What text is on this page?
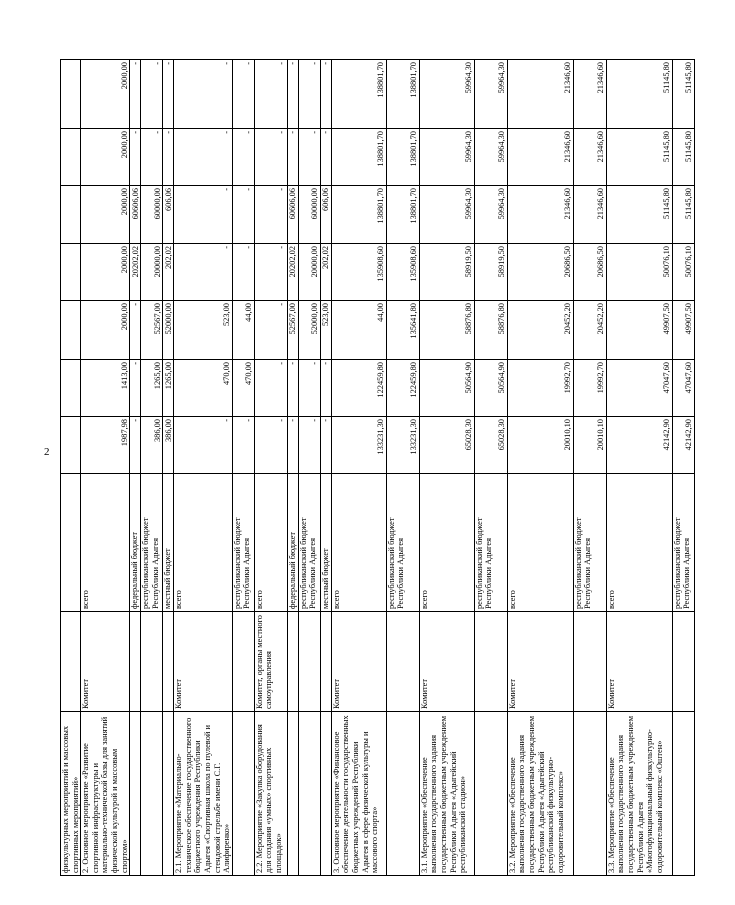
2
физкультурных мероприятий и массовых спортивных мероприятий»									
2. Основное мероприятие «Развитие спортивной инфраструктуры и материально-технической базы для занятий физической культурой и массовым спортом»	Комитет	всего	1987,98	1413,00	2000,00	2000,00	2000,00	2000,00	2000,00
		федеральный бюджет	-	-	-	20202,02	60606,06	-	-
		республиканский бюджет Республики Адыгея	386,00	1265,00	52567,00	20000,00	60000,00	-	-
		местный бюджет	386,00	1265,00	52000,00	202,02	606,06	-	-
2.1. Мероприятие «Материально-техническое обеспечение государственного бюджетного учреждения Республики Адыгея «Спортивная школа по пулевой и стендовой стрельбе имени С.Г. Алифиренко»	Комитет	всего	-	470,00	523,00	-	-	-	-
		республиканский бюджет Республики Адыгея	-	470,00	44,00	-	-	-	-
2.2. Мероприятие «Закупка оборудования для создания «умных» спортивных площадок»	Комитет, органы местного самоуправления	всего	-	-	-	-	-	-	-
		федеральный бюджет	-	-	52567,00	20202,02	60606,06	-	-
		республиканский бюджет Республики Адыгея	-	-	52000,00	20000,00	60000,00	-	-
		местный бюджет	-	-	523,00	202,02	606,06	-	-
3. Основное мероприятие «Финансовое обеспечение деятельности государственных бюджетных учреждений Республики Адыгея в сфере физической культуры и массового спорта»	Комитет	всего	133231,30	122459,80	44,00	135908,60	138801,70	138801,70	138801,70
		республиканский бюджет Республики Адыгея	133231,30	122459,80	135641,80	135908,60	138801,70	138801,70	138801,70
3.1. Мероприятие «Обеспечение выполнения государственного задания государственным бюджетным учреждением Республики Адыгея «Адыгейский республиканский стадион»	Комитет	всего	65028,30	50564,90	58876,80	58919,50	59964,30	59964,30	59964,30
		республиканский бюджет Республики Адыгея	65028,30	50564,90	58876,80	58919,50	59964,30	59964,30	59964,30
3.2. Мероприятие «Обеспечение выполнения государственного задания государственным бюджетным учреждением Республики Адыгея «Адыгейский республиканский физкультурно-оздоровительный комплекс»	Комитет	всего	20010,10	19992,70	20452,20	20686,50	21346,60	21346,60	21346,60
		республиканский бюджет Республики Адыгея	20010,10	19992,70	20452,20	20686,50	21346,60	21346,60	21346,60
3.3. Мероприятие «Обеспечение выполнения государственного задания государственным бюджетным учреждением Республики Адыгея «Многофункциональный физкультурно-оздоровительный комплекс «Оштен»	Комитет	всего	42142,90	47047,60	49907,50	50076,10	51145,80	51145,80	51145,80
		республиканский бюджет Республики Адыгея	42142,90	47047,60	49907,50	50076,10	51145,80	51145,80	51145,80
